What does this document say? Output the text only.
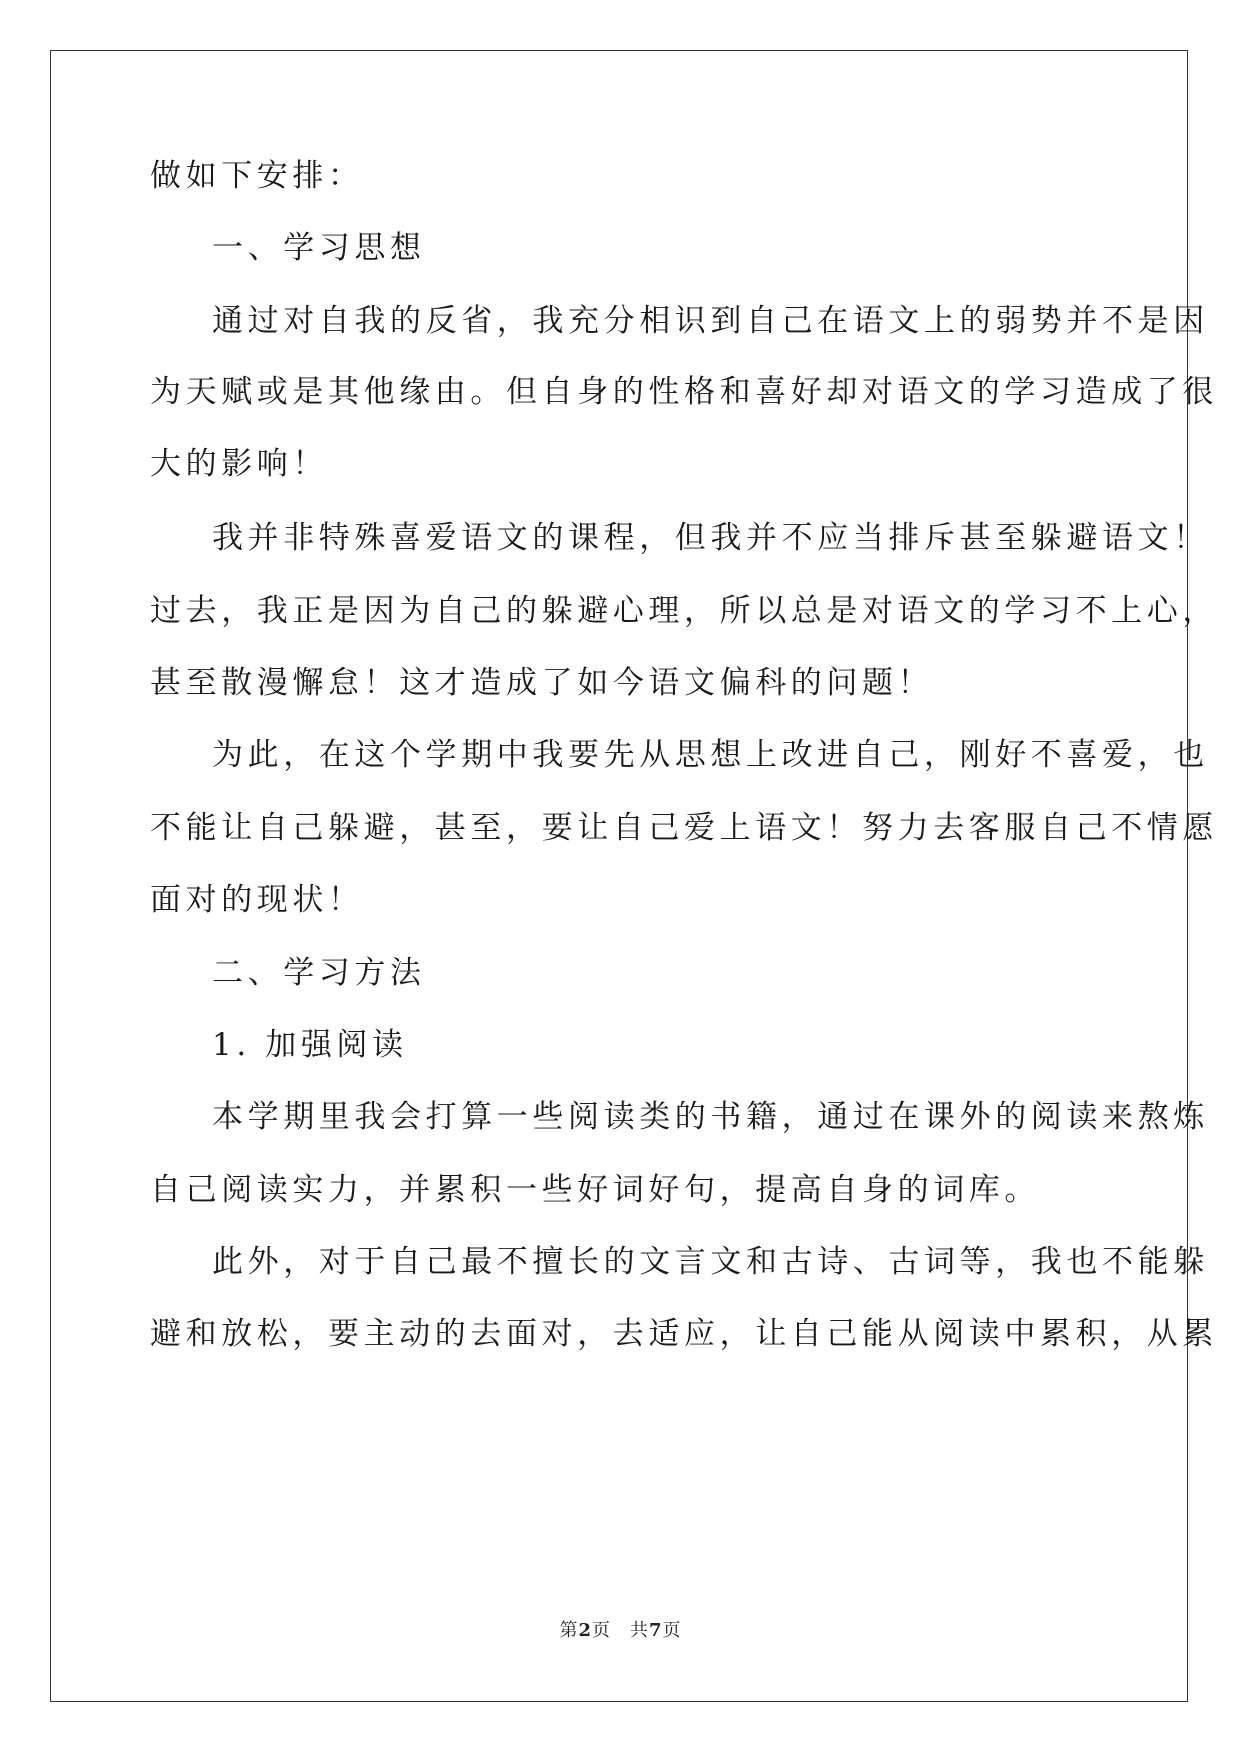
做如下安排：
一、学习思想
通过对自我的反省，我充分相识到自己在语文上的弱势并不是因
为天赋或是其他缘由。但自身的性格和喜好却对语文的学习造成了很
大的影响！
我并非特殊喜爱语文的课程，但我并不应当排斥甚至躲避语文！
过去，我正是因为自己的躲避心理，所以总是对语文的学习不上心，
甚至散漫懈怠！这才造成了如今语文偏科的问题！
为此，在这个学期中我要先从思想上改进自己，刚好不喜爱，也
不能让自己躲避，甚至，要让自己爱上语文！努力去客服自己不情愿
面对的现状！
二、学习方法
1. 加强阅读
本学期里我会打算一些阅读类的书籍，通过在课外的阅读来熬炼
自己阅读实力，并累积一些好词好句，提高自身的词库。
此外，对于自己最不擅长的文言文和古诗、古词等，我也不能躲
避和放松，要主动的去面对，去适应，让自己能从阅读中累积，从累
第2页　共7页
